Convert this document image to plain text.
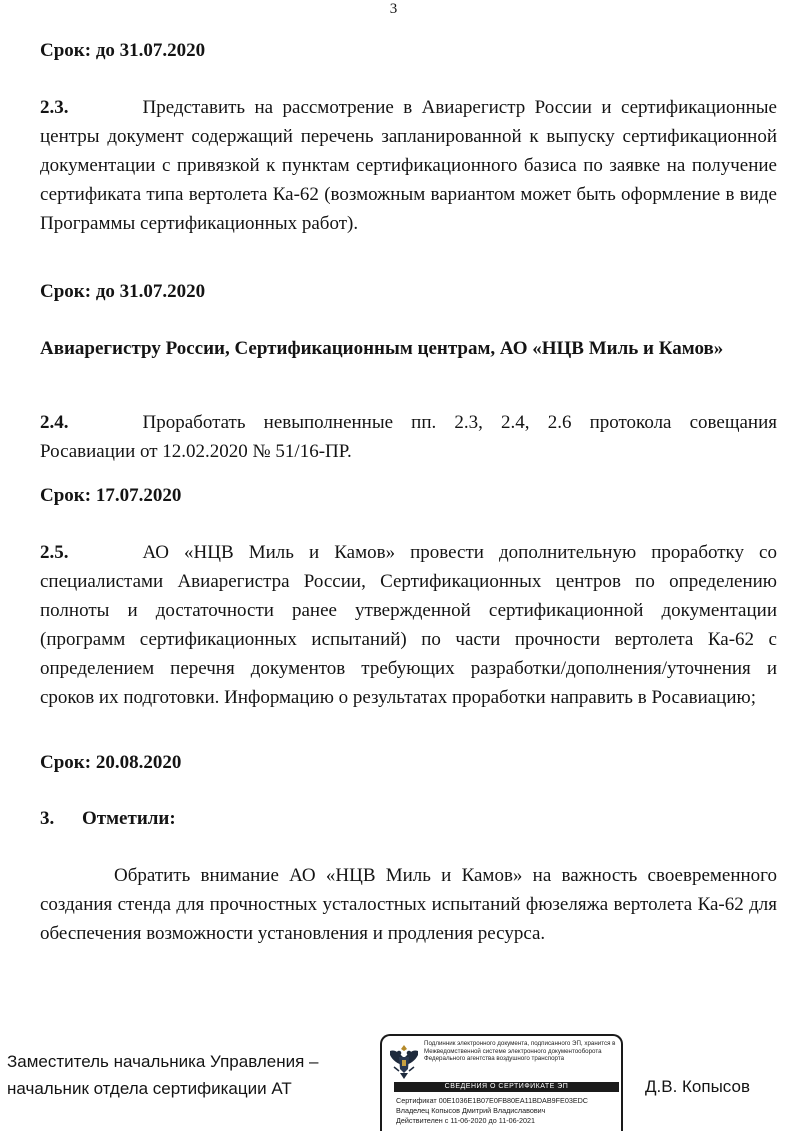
3
Срок: до 31.07.2020
2.3.	Представить на рассмотрение в Авиарегистр России и сертификационные центры документ содержащий перечень запланированной к выпуску сертификационной документации с привязкой к пунктам сертификационного базиса по заявке на получение сертификата типа вертолета Ка-62 (возможным вариантом может быть оформление в виде Программы сертификационных работ).
Срок: до 31.07.2020
Авиарегистру России, Сертификационным центрам, АО «НЦВ Миль и Камов»
2.4.	Проработать невыполненные пп. 2.3, 2.4, 2.6 протокола совещания Росавиации от 12.02.2020 № 51/16-ПР.
Срок: 17.07.2020
2.5.	АО «НЦВ Миль и Камов» провести дополнительную проработку со специалистами Авиарегистра России, Сертификационных центров по определению полноты и достаточности ранее утвержденной сертификационной документации (программ сертификационных испытаний) по части прочности вертолета Ка-62 с определением перечня документов требующих разработки/дополнения/уточнения и сроков их подготовки. Информацию о результатах проработки направить в Росавиацию;
Срок: 20.08.2020
3. Отметили:
Обратить внимание АО «НЦВ Миль и Камов» на важность своевременного создания стенда для прочностных усталостных испытаний фюзеляжа вертолета Ка-62 для обеспечения возможности установления и продления ресурса.
Заместитель начальника Управления –
начальник отдела сертификации АТ
Подлинник электронного документа, подписанного ЭП, хранится в Межведомственной системе электронного документооборота Федерального агентства воздушного транспорта
СВЕДЕНИЯ О СЕРТИФИКАТЕ ЭП
Сертификат 00E1036E1B07E0FB80EA11BDAB9FE03EDC
Владелец Копысов Дмитрий Владиславович
Действителен с 11-06-2020 до 11-06-2021
Д.В. Копысов
